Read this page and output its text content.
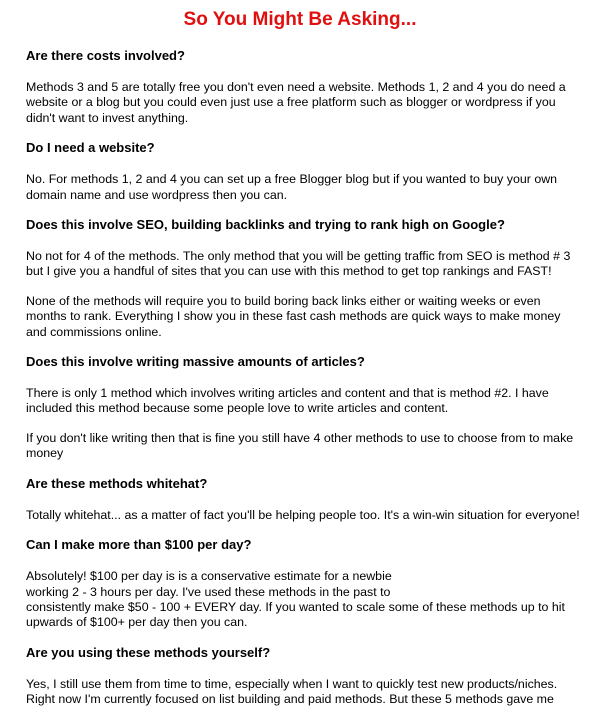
So You Might Be Asking...

Are there costs involved?

Methods 3 and 5 are totally free you don't even need a website. Methods 1, 2 and 4 you do need a website or a blog but you could even just use a free platform such as blogger or wordpress if you didn't want to invest anything.

Do I need a website?

No. For methods 1, 2 and 4 you can set up a free Blogger blog but if you wanted to buy your own domain name and use wordpress then you can.

Does this involve SEO, building backlinks and trying to rank high on Google?

No not for 4 of the methods. The only method that you will be getting traffic from SEO is method # 3 but I give you a handful of sites that you can use with this method to get top rankings and FAST!

None of the methods will require you to build boring back links either or waiting weeks or even months to rank. Everything I show you in these fast cash methods are quick ways to make money and commissions online.

Does this involve writing massive amounts of articles?

There is only 1 method which involves writing articles and content and that is method #2. I have included this method because some people love to write articles and content.

If you don't like writing then that is fine you still have 4 other methods to use to choose from to make money

Are these methods whitehat?

Totally whitehat... as a matter of fact you'll be helping people too. It's a win-win situation for everyone!

Can I make more than $100 per day?

Absolutely! $100 per day is is a conservative estimate for a newbie
working 2 - 3 hours per day. I've used these methods in the past to
consistently make $50 - 100 + EVERY day. If you wanted to scale some of these methods up to hit upwards of $100+ per day then you can.

Are you using these methods yourself?

Yes, I still use them from time to time, especially when I want to quickly test new products/niches. Right now I'm currently focused on list building and paid methods. But these 5 methods gave me
